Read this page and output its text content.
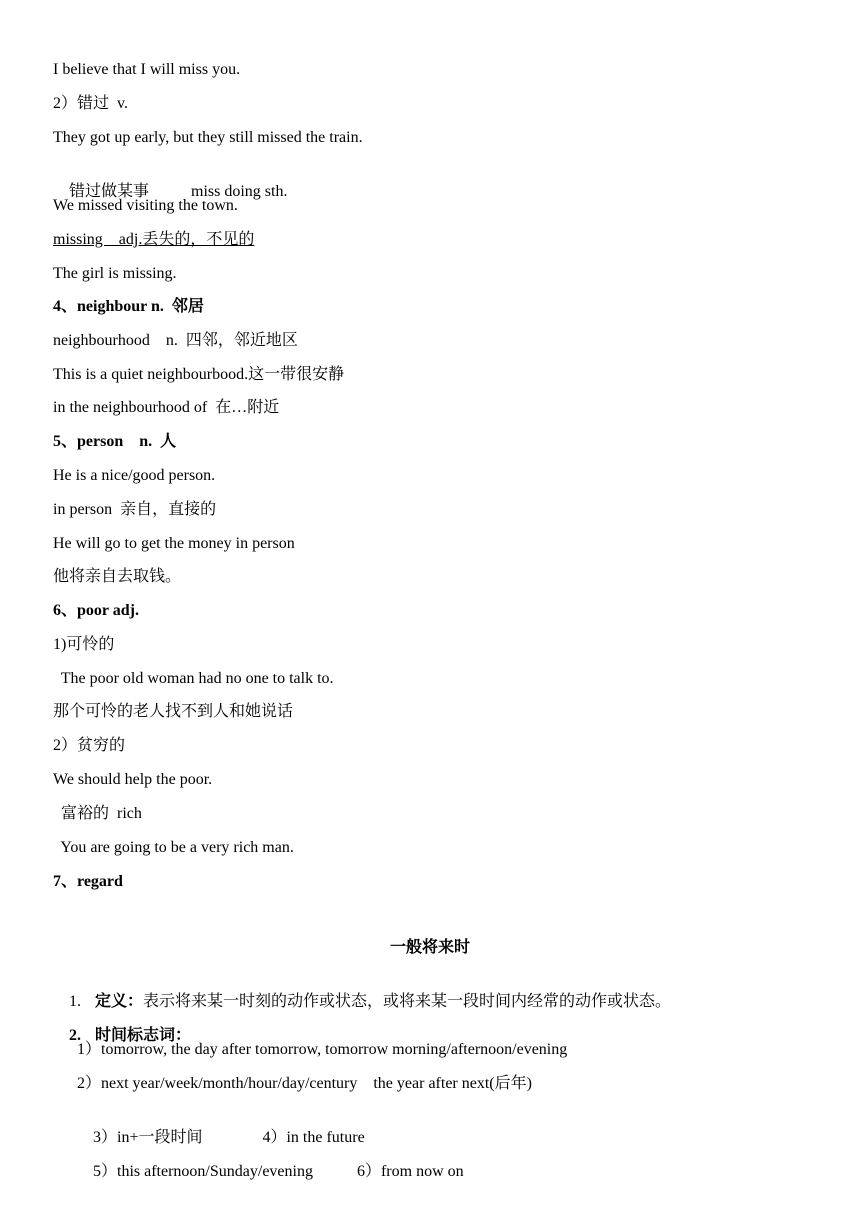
I believe that I will miss you.
2）错过  v.
They got up early, but they still missed the train.

错过做某事	miss doing sth.

We missed visiting the town.
missing    adj.丢失的，不见的
The girl is missing.
4、neighbour n.  邻居
neighbourhood    n.  四邻，邻近地区
This is a quiet neighbourbood.这一带很安静
in the neighbourhood of  在…附近
5、person    n.  人
He is a nice/good person.
in person  亲自，直接的
He will go to get the money in person
他将亲自去取钱。
6、poor adj.
1)可怜的
The poor old woman had no one to talk to.
那个可怜的老人找不到人和她说话
2）贫穷的
We should help the poor.
富裕的  rich
You are going to be a very rich man.
7、regard
一般将来时

1. 定义：表示将来某一时刻的动作或状态，或将来某一段时间内经常的动作或状态。

2. 时间标志词：

1）tomorrow, the day after tomorrow, tomorrow morning/afternoon/evening
2）next year/week/month/hour/day/century    the year after next(后年)

3）in+一段时间	4）in the future

5）this afternoon/Sunday/evening	6）from now on
